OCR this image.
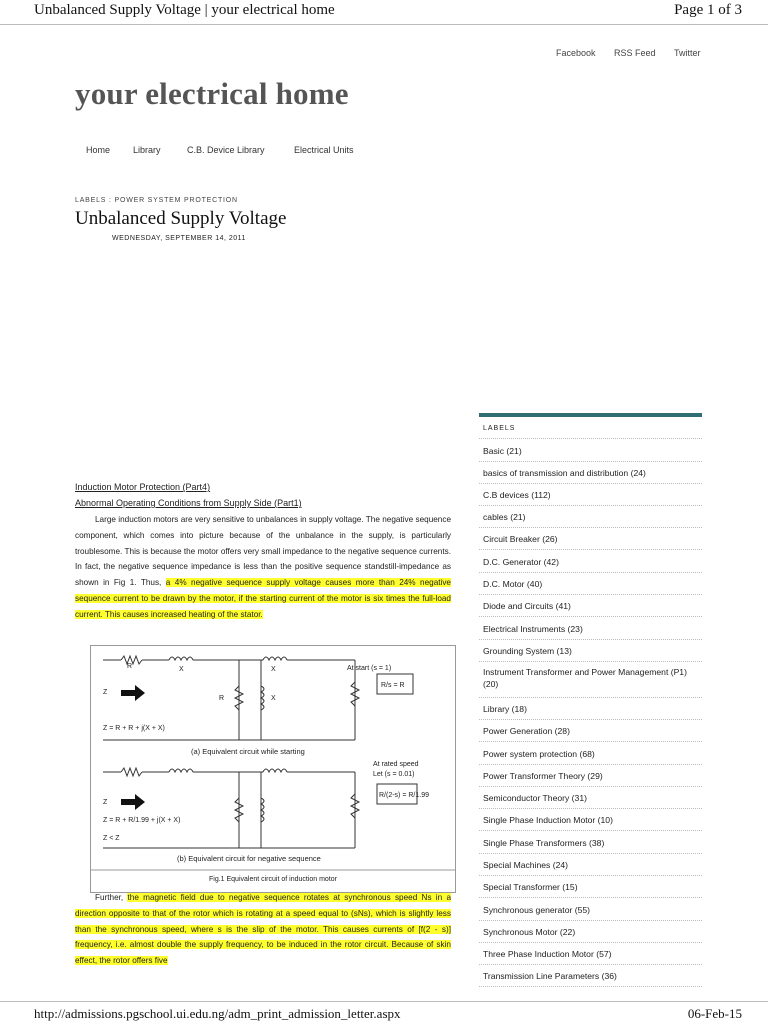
Unbalanced Supply Voltage | your electrical home	Page 1 of 3
Facebook RSS Feed Twitter
your electrical home
Home	Library	C.B. Device Library	Electrical Units
LABELS : POWER SYSTEM PROTECTION
Unbalanced Supply Voltage
WEDNESDAY, SEPTEMBER 14, 2011
Induction Motor Protection (Part4)
Abnormal Operating Conditions from Supply Side (Part1)
Large induction motors are very sensitive to unbalances in supply voltage. The negative sequence component, which comes into picture because of the unbalance in the supply, is particularly troublesome. This is because the motor offers very small impedance to the negative sequence currents. In fact, the negative sequence impedance is less than the positive sequence standstill-impedance as shown in Fig 1. Thus, a 4% negative sequence supply voltage causes more than 24% negative sequence current to be drawn by the motor, if the starting current of the motor is six times the full-load current. This causes increased heating of the stator.
Z
R	X	X
R	X
Z = R + R + j(X + X)
Z
Z = R + R/1.99 + j(X + X)
Z < Z
R/s = R
R/(2-s) = R/1.99
At start (s = 1)
At rated speed
Let (s = 0.01)
(a) Equivalent circuit while starting
(b) Equivalent circuit for negative sequence
Fig.1 Equivalent circuit of induction motor
Further, the magnetic field due to negative sequence rotates at synchronous speed Ns in a direction opposite to that of the rotor which is rotating at a speed equal to (sNs), which is slightly less than the synchronous speed, where s is the slip of the motor. This causes currents of [f(2 - s)] frequency, i.e. almost double the supply frequency, to be induced in the rotor circuit. Because of skin effect, the rotor offers five
LABELS
Basic (21)
basics of transmission and distribution (24)
C.B devices (112)
cables (21)
Circuit Breaker (26)
D.C. Generator (42)
D.C. Motor (40)
Diode and Circuits (41)
Electrical Instruments (23)
Grounding System (13)
Instrument Transformer and Power Management (P1) (20)
Library (18)
Power Generation (28)
Power system protection (68)
Power Transformer Theory (29)
Semiconductor Theory (31)
Single Phase Induction Motor (10)
Single Phase Transformers (38)
Special Machines (24)
Special Transformer (15)
Synchronous generator (55)
Synchronous Motor (22)
Three Phase Induction Motor (57)
Transmission Line Parameters (36)
http://admissions.pgschool.ui.edu.ng/adm_print_admission_letter.aspx	06-Feb-15
